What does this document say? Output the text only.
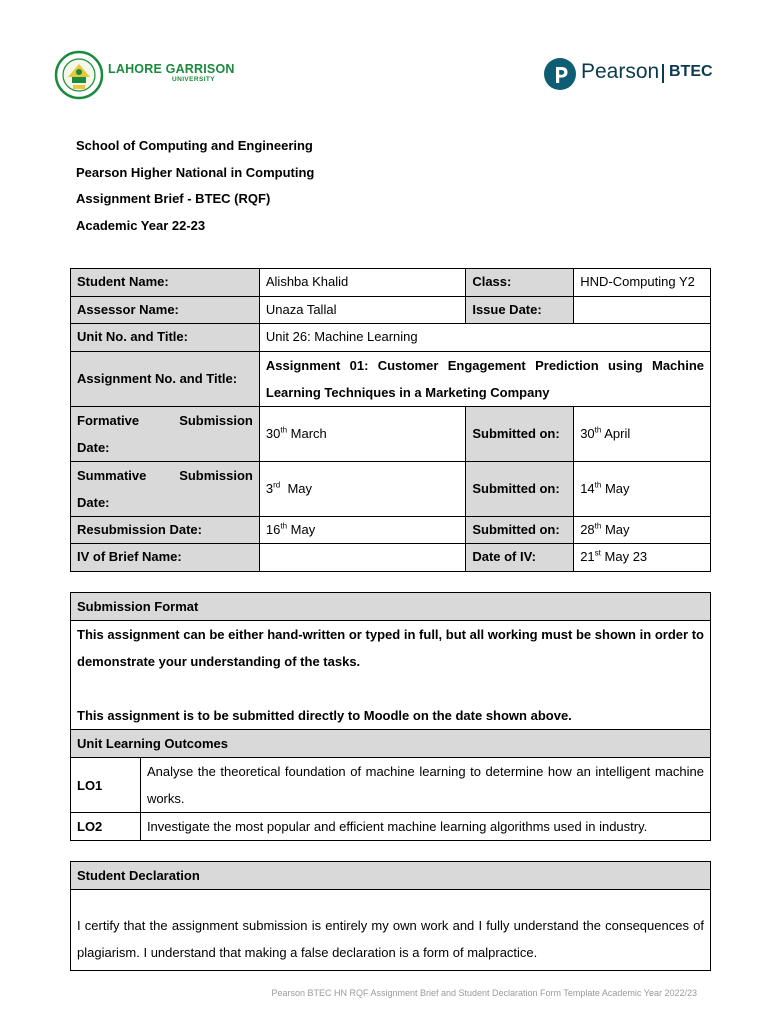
LAHORE GARRISON
UNIVERSITY	Pearson BTEC
School of Computing and Engineering
Pearson Higher National in Computing
Assignment Brief - BTEC (RQF)
Academic Year 22-23
Student Name:	Alishba Khalid	Class:	HND-Computing Y2
Assessor Name:	Unaza Tallal	Issue Date:	
Unit No. and Title:	Unit 26: Machine Learning		
Assignment No. and Title:	Assignment 01: Customer Engagement Prediction using Machine Learning Techniques in a Marketing Company		

Formative Submission
Date:	30th March	Submitted on:	30th April

Summative Submission
Date:	3rd May	Submitted on:	14th May
Resubmission Date:	16th May	Submitted on:	28th May
IV of Brief Name:		Date of IV:	21st May 23
Submission Format	

This assignment can be either hand-written or typed in full, but all working must be shown in order to demonstrate your understanding of the tasks.
This assignment is to be submitted directly to Moodle on the date shown above.	

Unit Learning Outcomes	
LO1	Analyse the theoretical foundation of machine learning to determine how an intelligent machine works.
LO2	Investigate the most popular and efficient machine learning algorithms used in industry.
Student Declaration
I certify that the assignment submission is entirely my own work and I fully understand the consequences of plagiarism. I understand that making a false declaration is a form of malpractice.
Pearson BTEC HN RQF Assignment Brief and Student Declaration Form Template Academic Year 2022/23
